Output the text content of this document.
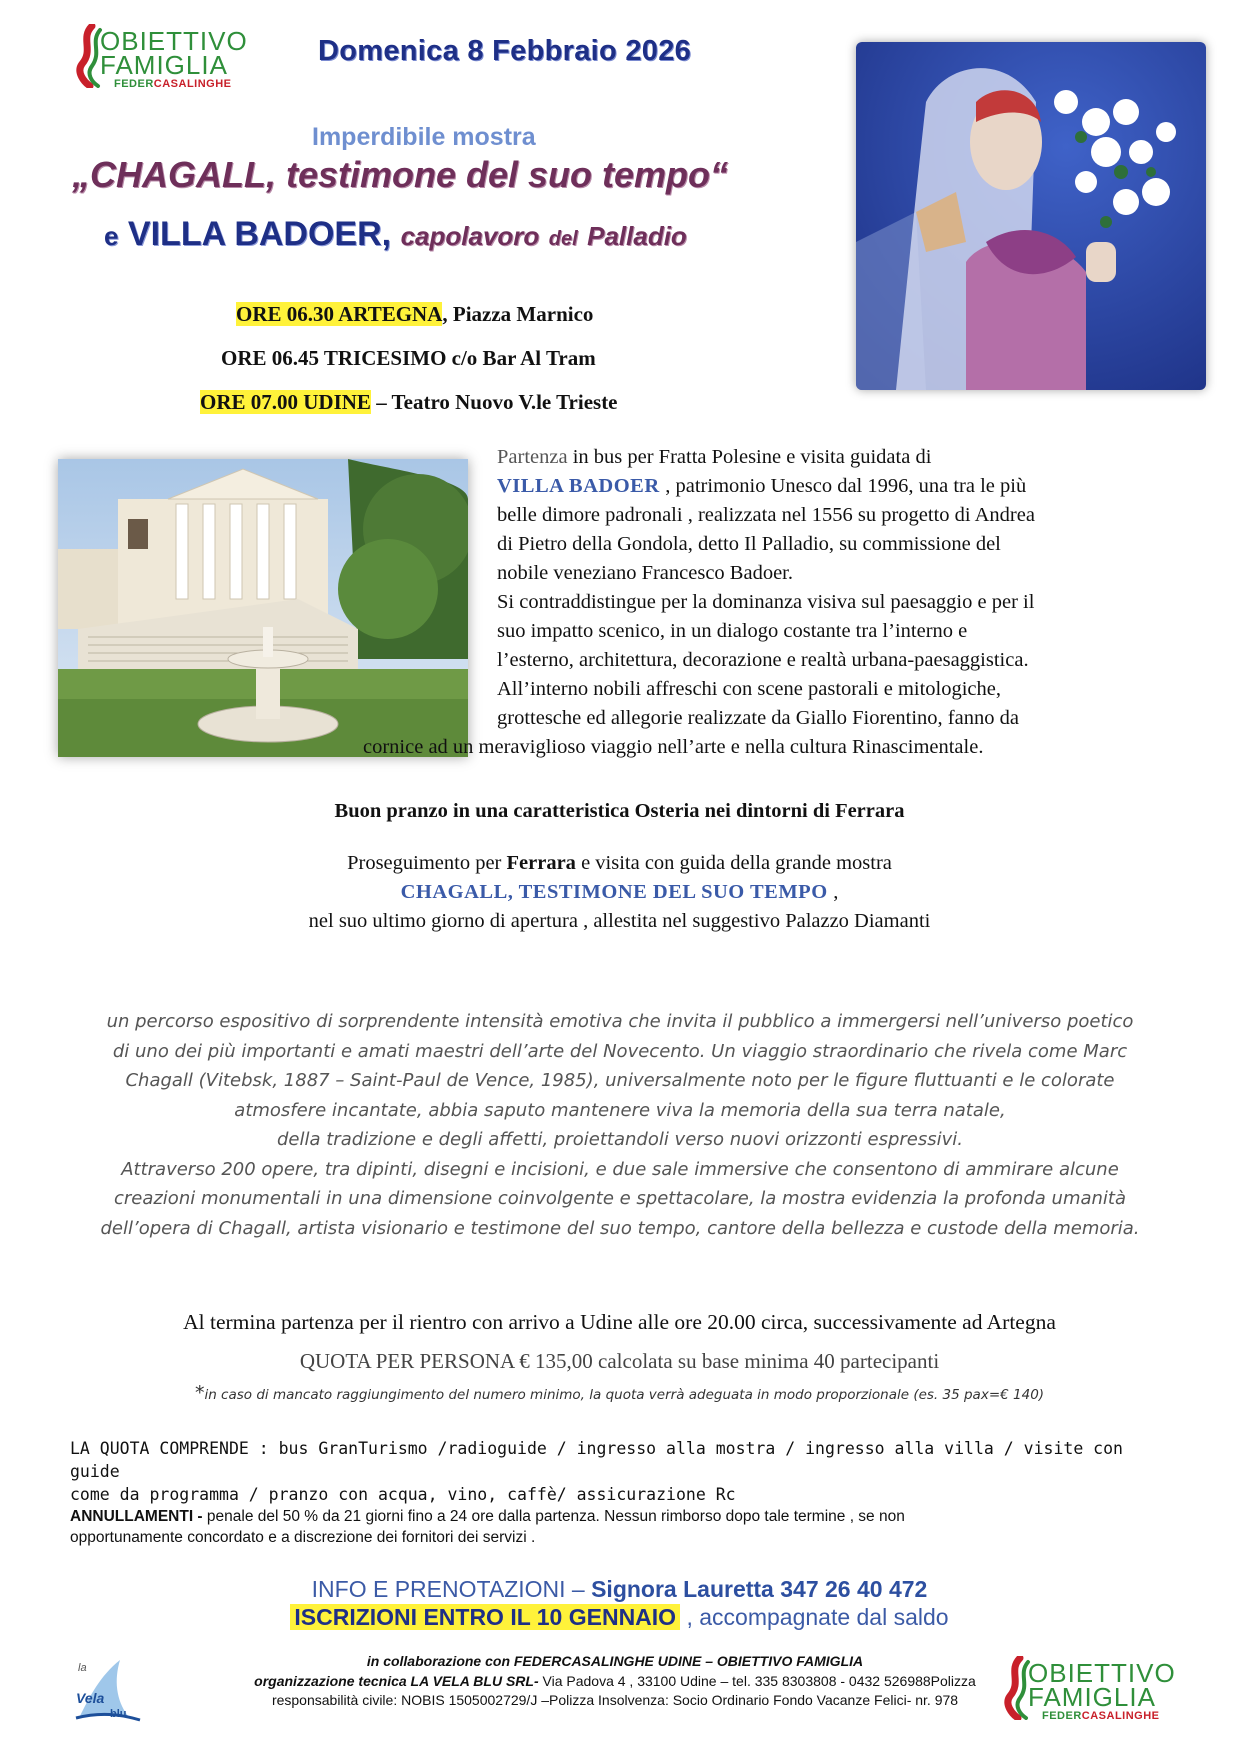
OBIETTIVO
FAMIGLIA
FEDERCASALINGHE
Domenica 8 Febbraio 2026
Imperdibile mostra
„CHAGALL, testimone del suo tempo“
e VILLA BADOER, capolavoro del Palladio
ORE 06.30 ARTEGNA, Piazza Marnico
ORE 06.45 TRICESIMO c/o Bar Al Tram
ORE 07.00 UDINE – Teatro Nuovo V.le Trieste
Partenza in bus per Fratta Polesine e visita guidata di
VILLA BADOER , patrimonio Unesco dal 1996, una tra le più
belle dimore padronali , realizzata nel 1556 su progetto di Andrea
di Pietro della Gondola, detto Il Palladio, su commissione del
nobile veneziano Francesco Badoer.
Si contraddistingue per la dominanza visiva sul paesaggio e per il
suo impatto scenico, in un dialogo costante tra l’interno e
l’esterno, architettura, decorazione e realtà urbana-paesaggistica.
All’interno nobili affreschi con scene pastorali e mitologiche,
grottesche ed allegorie realizzate da Giallo Fiorentino, fanno da
cornice ad un meraviglioso viaggio nell’arte e nella cultura Rinascimentale.
Buon pranzo in una caratteristica Osteria nei dintorni di Ferrara
Proseguimento per Ferrara e visita con guida della grande mostra
CHAGALL, TESTIMONE DEL SUO TEMPO ,
nel suo ultimo giorno di apertura , allestita nel suggestivo Palazzo Diamanti
un percorso espositivo di sorprendente intensità emotiva che invita il pubblico a immergersi nell’universo poetico
di uno dei più importanti e amati maestri dell’arte del Novecento. Un viaggio straordinario che rivela come Marc
Chagall (Vitebsk, 1887 – Saint-Paul de Vence, 1985), universalmente noto per le figure fluttuanti e le colorate
atmosfere incantate, abbia saputo mantenere viva la memoria della sua terra natale,
della tradizione e degli affetti, proiettandoli verso nuovi orizzonti espressivi.
Attraverso 200 opere, tra dipinti, disegni e incisioni, e due sale immersive che consentono di ammirare alcune
creazioni monumentali in una dimensione coinvolgente e spettacolare, la mostra evidenzia la profonda umanità
dell’opera di Chagall, artista visionario e testimone del suo tempo, cantore della bellezza e custode della memoria.
Al termina partenza per il rientro con arrivo a Udine alle ore 20.00 circa, successivamente ad Artegna
QUOTA PER PERSONA € 135,00 calcolata su base minima 40 partecipanti
*in caso di mancato raggiungimento del numero minimo, la quota verrà adeguata in modo proporzionale (es. 35 pax=€ 140)
LA QUOTA COMPRENDE : bus GranTurismo /radioguide / ingresso alla mostra / ingresso alla villa / visite con guide
come da programma / pranzo con acqua, vino, caffè/ assicurazione Rc
ANNULLAMENTI - penale del 50 % da 21 giorni fino a 24 ore dalla partenza. Nessun rimborso dopo tale termine , se non
opportunamente concordato e a discrezione dei fornitori dei servizi .
INFO E PRENOTAZIONI – Signora Lauretta 347 26 40 472
ISCRIZIONI ENTRO IL 10 GENNAIO , accompagnate dal saldo
in collaborazione con FEDERCASALINGHE UDINE – OBIETTIVO FAMIGLIA
organizzazione tecnica LA VELA BLU SRL- Via Padova 4 , 33100 Udine – tel. 335 8303808 - 0432 526988Polizza
responsabilità civile: NOBIS 1505002729/J –Polizza Insolvenza: Socio Ordinario Fondo Vacanze Felici- nr. 978
la
Vela
blu
OBIETTIVO
FAMIGLIA
FEDERCASALINGHE
